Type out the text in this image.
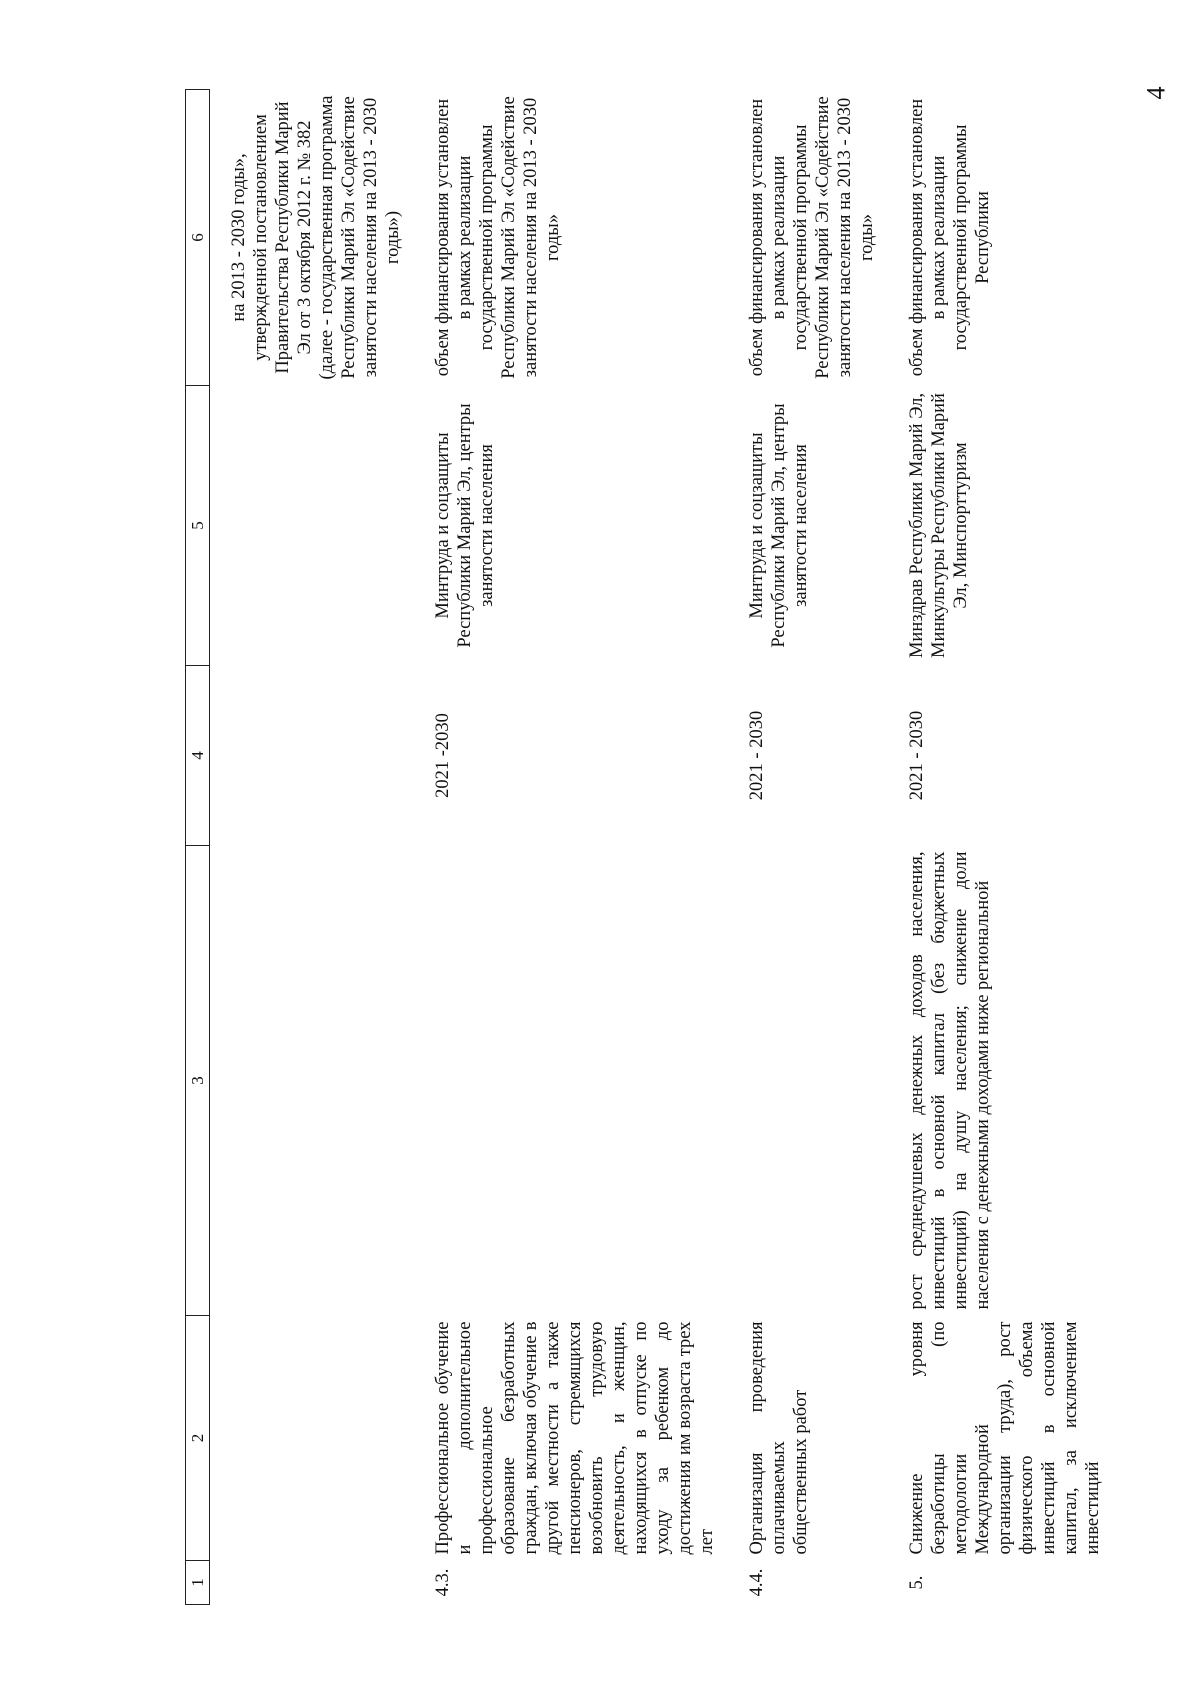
4
1	2	3	4	5	6
					на 2013 - 2030 годы», утвержденной постановлением Правительства Республики Марий Эл от 3 октября 2012 г. № 382 (далее - государственная программа Республики Марий Эл «Содействие занятости населения на 2013 - 2030 годы»)

4.3.	Профессиональное обучение и дополнительное профессиональное образование безработных граждан, включая обучение в другой местности а также пенсионеров, стремящихся возобновить трудовую деятельность, и женщин, находящихся в отпуске по уходу за ребенком до достижения им возраста трех лет		2021 -2030	Минтруда и соцзащиты Республики Марий Эл, центры занятости населения	объем финансирования установлен в рамках реализации государственной программы Республики Марий Эл «Содействие занятости населения на 2013 - 2030 годы»

4.4.	Организация проведения оплачиваемых общественных работ		2021 - 2030	Минтруда и соцзащиты Республики Марий Эл, центры занятости населения	объем финансирования установлен в рамках реализации государственной программы Республики Марий Эл «Содействие занятости населения на 2013 - 2030 годы»

5.	Снижение уровня безработицы (по методологии Международной организации труда), рост физического объема инвестиций в основной капитал, за исключением инвестиций	рост среднедушевых денежных доходов населения, инвестиций в основной капитал (без бюджетных инвестиций) на душу населения; снижение доли населения с денежными доходами ниже региональной	2021 - 2030	Минздрав Республики Марий Эл, Минкультуры Республики Марий Эл, Минспорттуризм	объем финансирования установлен в рамках реализации государственной программы Республики
